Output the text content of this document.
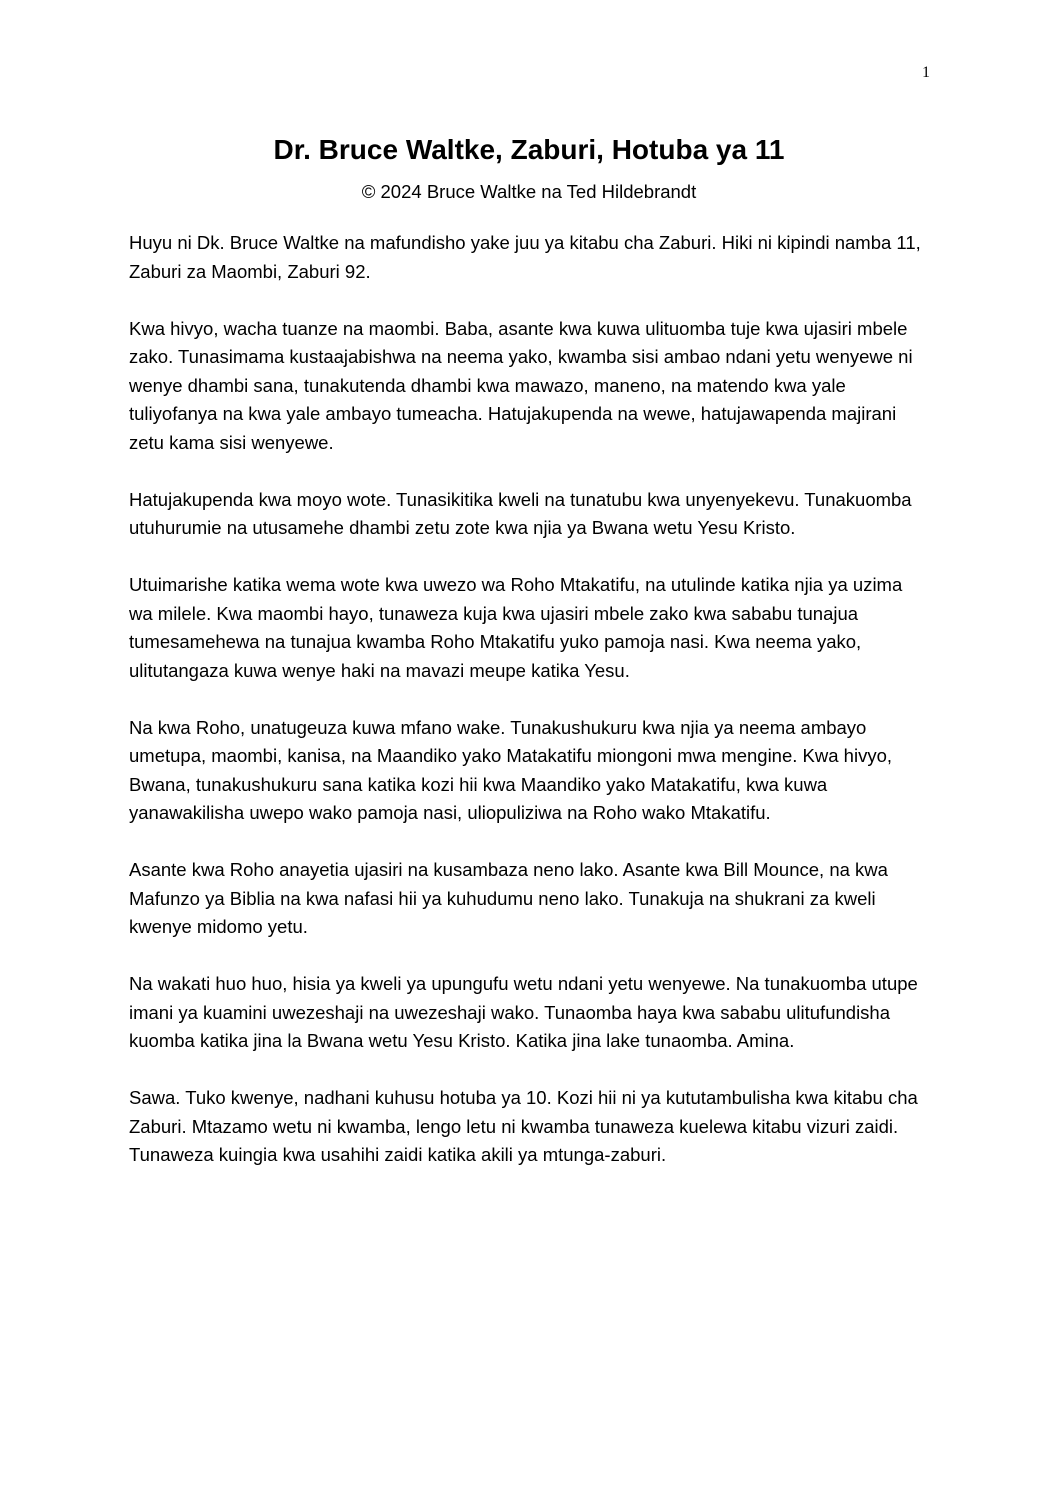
1
Dr. Bruce Waltke, Zaburi, Hotuba ya 11
© 2024 Bruce Waltke na Ted Hildebrandt

Huyu ni Dk. Bruce Waltke na mafundisho yake juu ya kitabu cha Zaburi. Hiki ni kipindi namba 11, Zaburi za Maombi, Zaburi 92.

Kwa hivyo, wacha tuanze na maombi. Baba, asante kwa kuwa ulituomba tuje kwa ujasiri mbele zako. Tunasimama kustaajabishwa na neema yako, kwamba sisi ambao ndani yetu wenyewe ni wenye dhambi sana, tunakutenda dhambi kwa mawazo, maneno, na matendo kwa yale tuliyofanya na kwa yale ambayo tumeacha. Hatujakupenda na wewe, hatujawapenda majirani zetu kama sisi wenyewe.

Hatujakupenda kwa moyo wote. Tunasikitika kweli na tunatubu kwa unyenyekevu. Tunakuomba utuhurumie na utusamehe dhambi zetu zote kwa njia ya Bwana wetu Yesu Kristo.

Utuimarishe katika wema wote kwa uwezo wa Roho Mtakatifu, na utulinde katika njia ya uzima wa milele. Kwa maombi hayo, tunaweza kuja kwa ujasiri mbele zako kwa sababu tunajua tumesamehewa na tunajua kwamba Roho Mtakatifu yuko pamoja nasi. Kwa neema yako, ulitutangaza kuwa wenye haki na mavazi meupe katika Yesu.

Na kwa Roho, unatugeuza kuwa mfano wake. Tunakushukuru kwa njia ya neema ambayo umetupa, maombi, kanisa, na Maandiko yako Matakatifu miongoni mwa mengine. Kwa hivyo, Bwana, tunakushukuru sana katika kozi hii kwa Maandiko yako Matakatifu, kwa kuwa yanawakilisha uwepo wako pamoja nasi, uliopuliziwa na Roho wako Mtakatifu.

Asante kwa Roho anayetia ujasiri na kusambaza neno lako. Asante kwa Bill Mounce, na kwa Mafunzo ya Biblia na kwa nafasi hii ya kuhudumu neno lako. Tunakuja na shukrani za kweli kwenye midomo yetu.

Na wakati huo huo, hisia ya kweli ya upungufu wetu ndani yetu wenyewe. Na tunakuomba utupe imani ya kuamini uwezeshaji na uwezeshaji wako. Tunaomba haya kwa sababu ulitufundisha kuomba katika jina la Bwana wetu Yesu Kristo. Katika jina lake tunaomba. Amina.

Sawa. Tuko kwenye, nadhani kuhusu hotuba ya 10. Kozi hii ni ya kututambulisha kwa kitabu cha Zaburi. Mtazamo wetu ni kwamba, lengo letu ni kwamba tunaweza kuelewa kitabu vizuri zaidi. Tunaweza kuingia kwa usahihi zaidi katika akili ya mtunga-zaburi.
